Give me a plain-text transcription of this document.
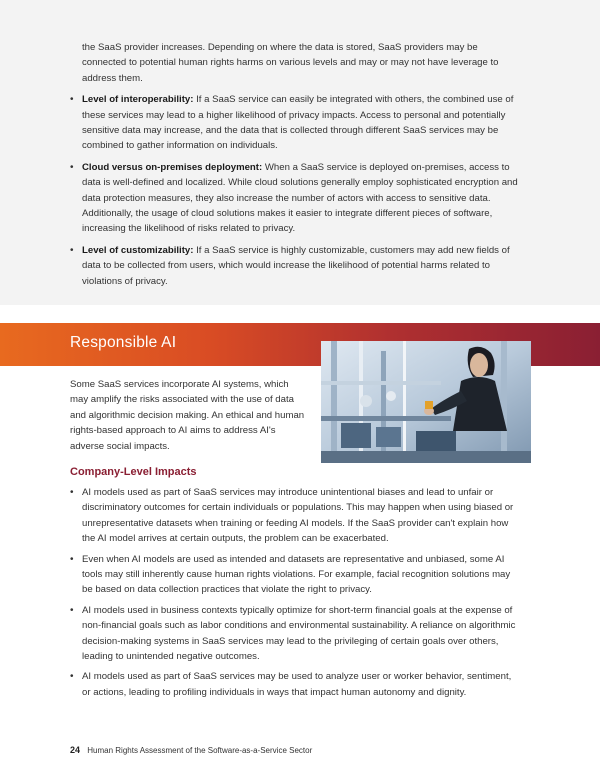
the SaaS provider increases. Depending on where the data is stored, SaaS providers may be connected to potential human rights harms on various levels and may or may not have leverage to address them.

• Level of interoperability: If a SaaS service can easily be integrated with others, the combined use of these services may lead to a higher likelihood of privacy impacts. Access to personal and potentially sensitive data may increase, and the data that is collected through different SaaS services may be combined to gather information on individuals.
• Cloud versus on-premises deployment: When a SaaS service is deployed on-premises, access to data is well-defined and localized. While cloud solutions generally employ sophisticated encryption and data protection measures, they also increase the number of actors with access to sensitive data. Additionally, the usage of cloud solutions makes it easier to integrate different pieces of software, increasing the likelihood of risks related to privacy.
• Level of customizability: If a SaaS service is highly customizable, customers may add new fields of data to be collected from users, which would increase the likelihood of potential harms related to violations of privacy.
Responsible AI

Some SaaS services incorporate AI systems, which may amplify the risks associated with the use of data and algorithmic decision making. An ethical and human rights-based approach to AI aims to address AI's adverse social impacts.

Company-Level Impacts
• AI models used as part of SaaS services may introduce unintentional biases and lead to unfair or discriminatory outcomes for certain individuals or populations. This may happen when using biased or unrepresentative datasets when training or feeding AI models. If the SaaS provider can't explain how the AI model arrives at certain outputs, the problem can be exacerbated.
• Even when AI models are used as intended and datasets are representative and unbiased, some AI tools may still inherently cause human rights violations. For example, facial recognition solutions may be based on data collection practices that violate the right to privacy.
• AI models used in business contexts typically optimize for short-term financial goals at the expense of non-financial goals such as labor conditions and environmental sustainability. A reliance on algorithmic decision-making systems in SaaS services may lead to the privileging of certain goals over others, leading to unintended negative outcomes.
• AI models used as part of SaaS services may be used to analyze user or worker behavior, sentiment, or actions, leading to profiling individuals in ways that impact human autonomy and dignity.
24 Human Rights Assessment of the Software-as-a-Service Sector
